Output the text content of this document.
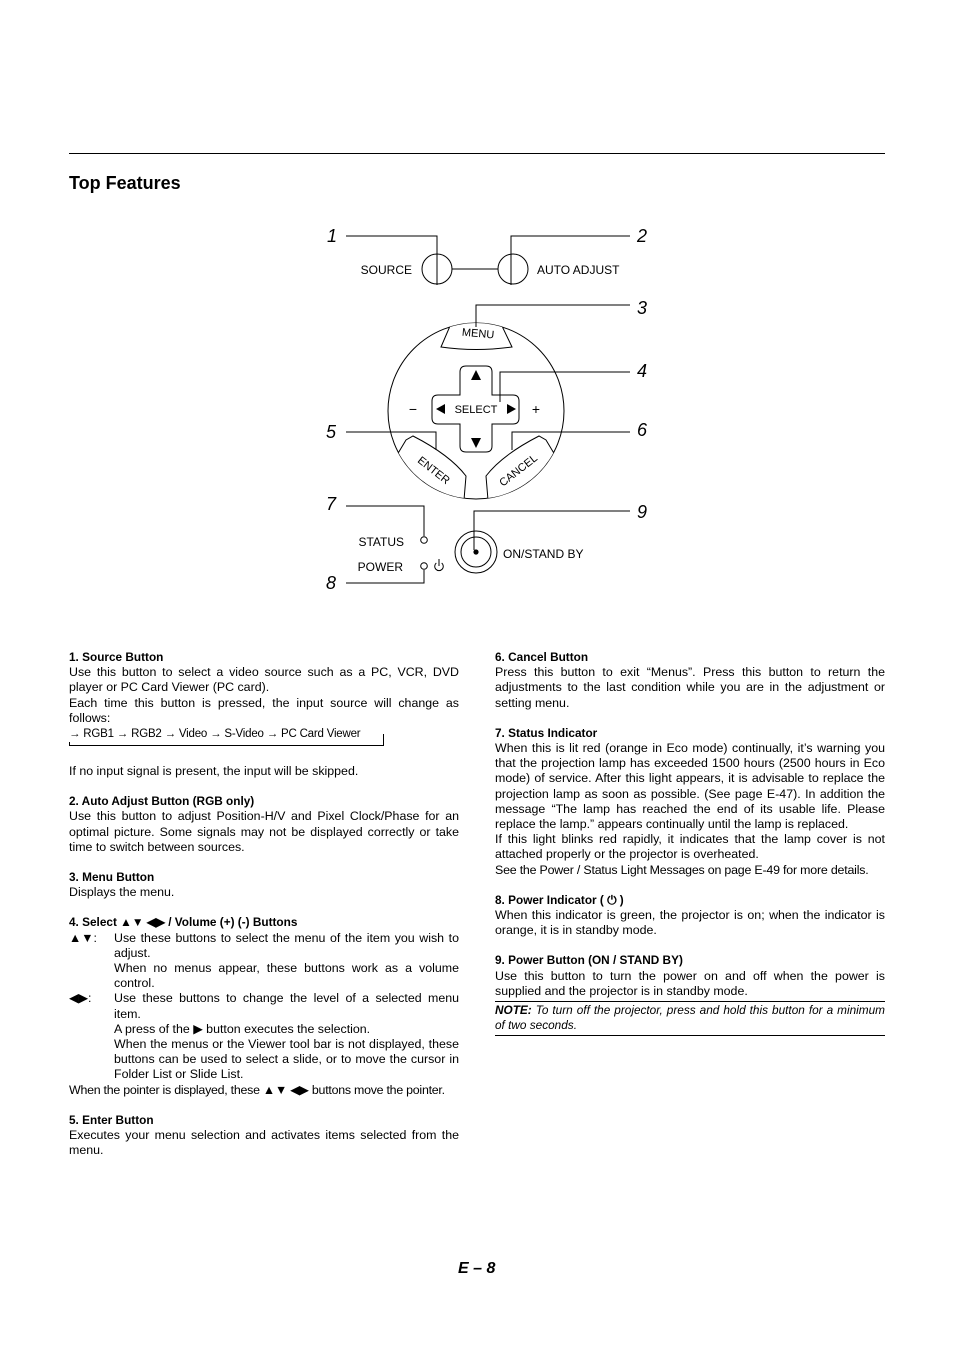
Top Features
1	2
3
4
5	6
7
8
9
SOURCE	AUTO ADJUST
MENU
SELECT
−	+
ENTER	CANCEL
STATUS
POWER
ON/STAND BY
1. Source Button
Use this button to select a video source such as a PC, VCR, DVD player or PC Card Viewer (PC card).
Each time this button is pressed, the input source will change as follows:
→ RGB1 → RGB2 → Video → S-Video → PC Card Viewer
If no input signal is present, the input will be skipped.
2. Auto Adjust Button (RGB only)
Use this button to adjust Position-H/V and Pixel Clock/Phase for an optimal picture. Some signals may not be displayed correctly or take time to switch between sources.
3. Menu Button
Displays the menu.
4. Select ▲▼ ◀▶ / Volume (+) (-) Buttons
▲▼:	Use these buttons to select the menu of the item you wish to adjust.
When no menus appear, these buttons work as a volume control.
◀▶:	Use these buttons to change the level of a selected menu item.
A press of the ▶ button executes the selection.
When the menus or the Viewer tool bar is not displayed, these buttons can be used to select a slide, or to move the cursor in Folder List or Slide List.
When the pointer is displayed, these ▲▼ ◀▶ buttons move the pointer.
5. Enter Button
Executes your menu selection and activates items selected from the menu.
6. Cancel Button
Press this button to exit “Menus”. Press this button to return the adjustments to the last condition while you are in the adjustment or setting menu.
7. Status Indicator
When this is lit red (orange in Eco mode) continually, it’s warning you that the projection lamp has exceeded 1500 hours (2500 hours in Eco mode) of service. After this light appears, it is advisable to replace the projection lamp as soon as possible. (See page E-47). In addition the message “The lamp has reached the end of its usable life. Please replace the lamp.” appears continually until the lamp is replaced.
If this light blinks red rapidly, it indicates that the lamp cover is not attached properly or the projector is overheated.
See the Power / Status Light Messages on page E-49 for more details.
8. Power Indicator ( ⏻ )
When this indicator is green, the projector is on; when the indicator is orange, it is in standby mode.
9. Power Button (ON / STAND BY)
Use this button to turn the power on and off when the power is supplied and the projector is in standby mode.
NOTE: To turn off the projector, press and hold this button for a minimum of two seconds.
E – 8
